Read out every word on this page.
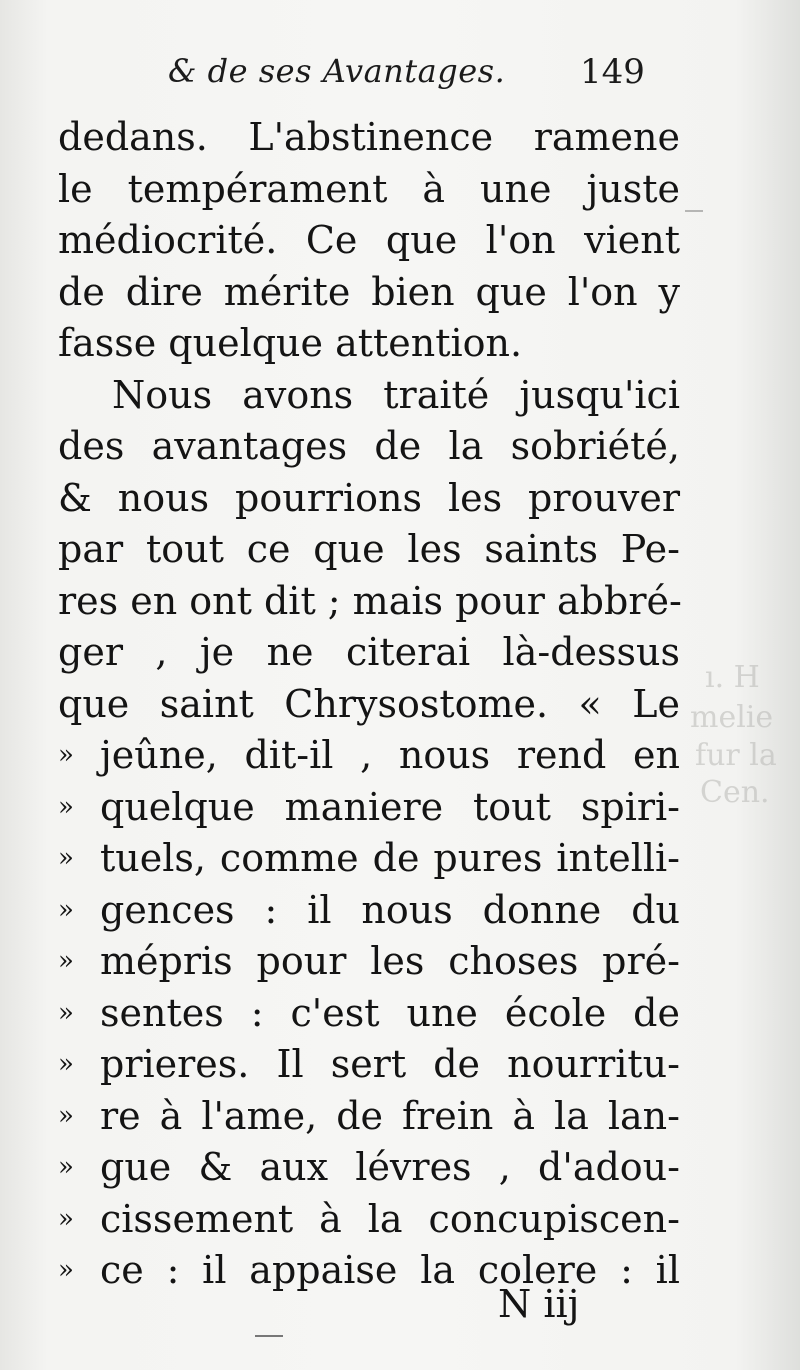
ı. H
melie
fur la
Cen.
& de ses Avantages. 149
dedans. L'abstinence ramene
le tempérament à une juste
médiocrité. Ce que l'on vient
de dire mérite bien que l'on y
fasse quelque attention.
Nous avons traité jusqu'ici
des avantages de la sobriété,
& nous pourrions les prouver
par tout ce que les saints Pe-
res en ont dit ; mais pour abbré-
ger , je ne citerai là-dessus
que saint Chrysostome. « Le
» jeûne, dit-il , nous rend en
» quelque maniere tout spiri-
» tuels, comme de pures intelli-
» gences : il nous donne du
» mépris pour les choses pré-
» sentes : c'est une école de
» prieres. Il sert de nourritu-
» re à l'ame, de frein à la lan-
» gue & aux lévres , d'adou-
» cissement à la concupiscen-
» ce : il appaise la colere : il
N iij
